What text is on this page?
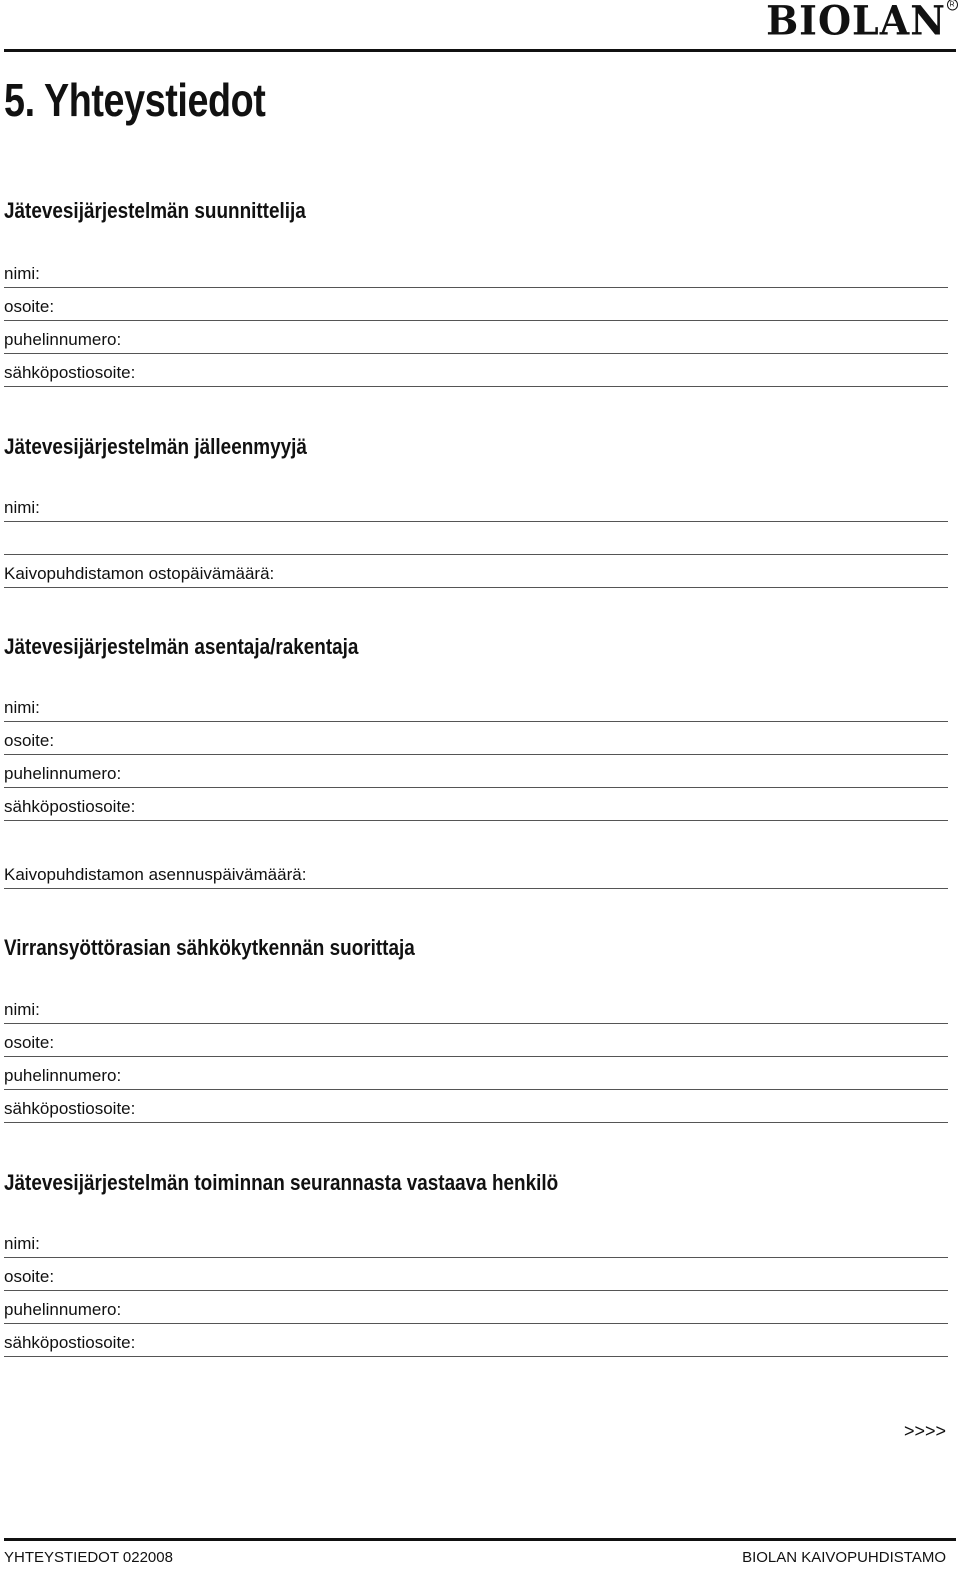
BIOLAN R
5. Yhteystiedot
Jätevesijärjestelmän suunnittelija
nimi:
osoite:
puhelinnumero:
sähköpostiosoite:
Jätevesijärjestelmän jälleenmyyjä
nimi:
Kaivopuhdistamon ostopäivämäärä:
Jätevesijärjestelmän asentaja/rakentaja
nimi:
osoite:
puhelinnumero:
sähköpostiosoite:
Kaivopuhdistamon asennuspäivämäärä:
Virransyöttörasian sähkökytkennän suorittaja
nimi:
osoite:
puhelinnumero:
sähköpostiosoite:
Jätevesijärjestelmän toiminnan seurannasta vastaava henkilö
nimi:
osoite:
puhelinnumero:
sähköpostiosoite:
>>>>
YHTEYSTIEDOT 022008	BIOLAN KAIVOPUHDISTAMO
